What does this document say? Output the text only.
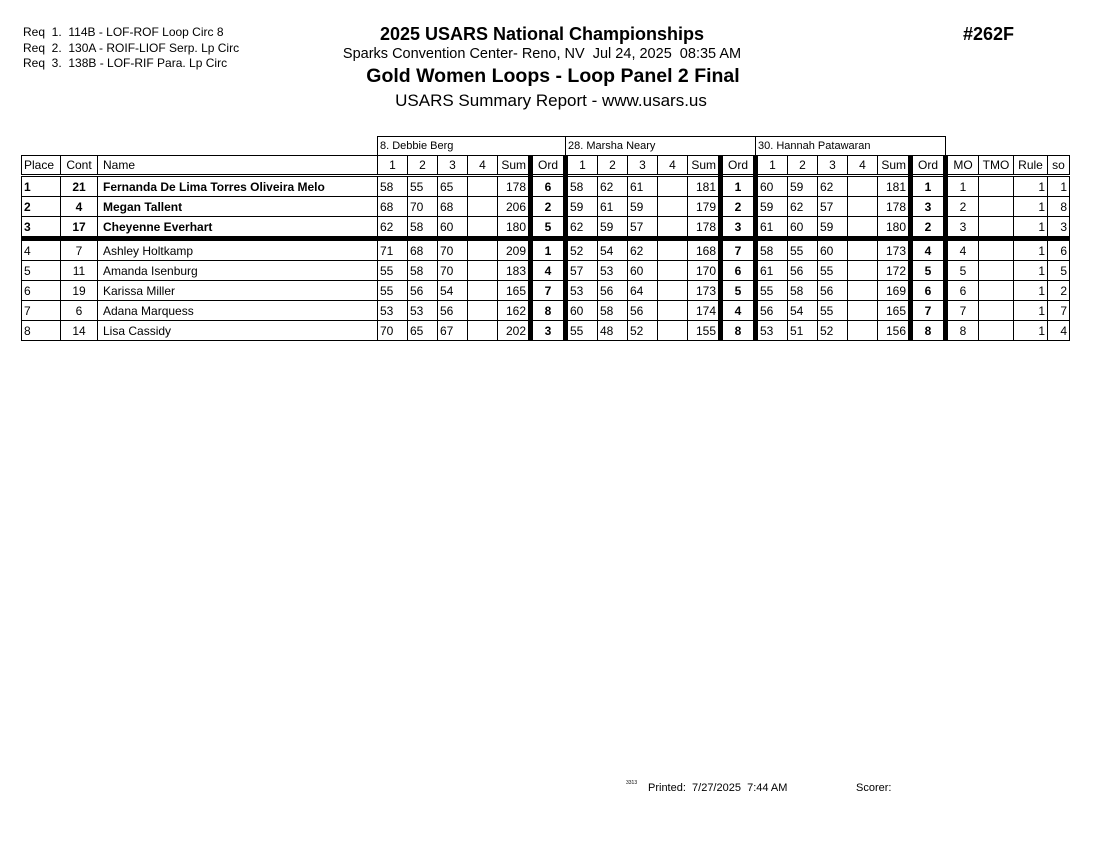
Req  1.  114B - LOF-ROF Loop Circ 8
Req  2.  130A - ROIF-LIOF Serp. Lp Circ
Req  3.  138B - LOF-RIF Para. Lp Circ
2025 USARS National Championships
Sparks Convention Center- Reno, NV  Jul 24, 2025  08:35 AM
Gold Women Loops - Loop Panel 2 Final
USARS Summary Report - www.usars.us
#262F
			8. Debbie Berg						28. Marsha Neary						30. Hannah Patawaran									
Place	Cont	Name	1	2	3	4	Sum	Ord	1	2	3	4	Sum	Ord	1	2	3	4	Sum	Ord	MO	TMO	Rule	so
1	21	Fernanda De Lima Torres Oliveira Melo	58	55	65		178	6	58	62	61		181	1	60	59	62		181	1	1		1	1
2	4	Megan Tallent	68	70	68		206	2	59	61	59		179	2	59	62	57		178	3	2		1	8
3	17	Cheyenne Everhart	62	58	60		180	5	62	59	57		178	3	61	60	59		180	2	3		1	3
4	7	Ashley Holtkamp	71	68	70		209	1	52	54	62		168	7	58	55	60		173	4	4		1	6
5	11	Amanda Isenburg	55	58	70		183	4	57	53	60		170	6	61	56	55		172	5	5		1	5
6	19	Karissa Miller	55	56	54		165	7	53	56	64		173	5	55	58	56		169	6	6		1	2
7	6	Adana Marquess	53	53	56		162	8	60	58	56		174	4	56	54	55		165	7	7		1	7
8	14	Lisa Cassidy	70	65	67		202	3	55	48	52		155	8	53	51	52		156	8	8		1	4
3313 Printed:  7/27/2025  7:44 AM	Scorer:
